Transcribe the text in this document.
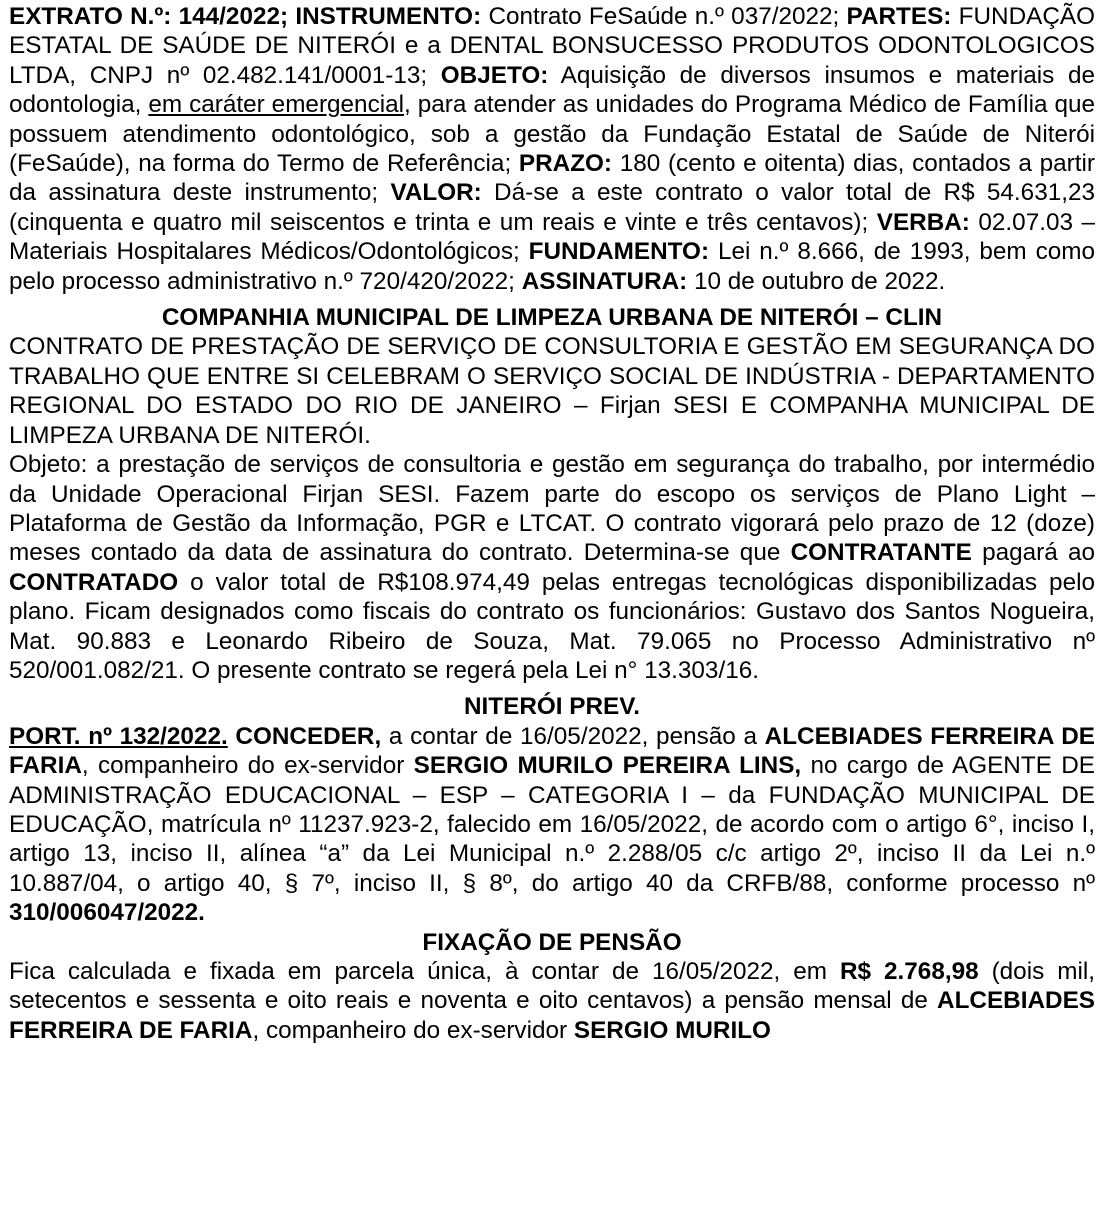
EXTRATO N.º: 144/2022; INSTRUMENTO: Contrato FeSaúde n.º 037/2022; PARTES: FUNDAÇÃO ESTATAL DE SAÚDE DE NITERÓI e a DENTAL BONSUCESSO PRODUTOS ODONTOLOGICOS LTDA, CNPJ nº 02.482.141/0001-13; OBJETO: Aquisição de diversos insumos e materiais de odontologia, em caráter emergencial, para atender as unidades do Programa Médico de Família que possuem atendimento odontológico, sob a gestão da Fundação Estatal de Saúde de Niterói (FeSaúde), na forma do Termo de Referência; PRAZO: 180 (cento e oitenta) dias, contados a partir da assinatura deste instrumento; VALOR: Dá-se a este contrato o valor total de R$ 54.631,23 (cinquenta e quatro mil seiscentos e trinta e um reais e vinte e três centavos); VERBA: 02.07.03 – Materiais Hospitalares Médicos/Odontológicos; FUNDAMENTO: Lei n.º 8.666, de 1993, bem como pelo processo administrativo n.º 720/420/2022; ASSINATURA: 10 de outubro de 2022.

COMPANHIA MUNICIPAL DE LIMPEZA URBANA DE NITERÓI – CLIN

CONTRATO DE PRESTAÇÃO DE SERVIÇO DE CONSULTORIA E GESTÃO EM SEGURANÇA DO TRABALHO QUE ENTRE SI CELEBRAM O SERVIÇO SOCIAL DE INDÚSTRIA - DEPARTAMENTO REGIONAL DO ESTADO DO RIO DE JANEIRO – Firjan SESI E COMPANHA MUNICIPAL DE LIMPEZA URBANA DE NITERÓI.

Objeto: a prestação de serviços de consultoria e gestão em segurança do trabalho, por intermédio da Unidade Operacional Firjan SESI. Fazem parte do escopo os serviços de Plano Light – Plataforma de Gestão da Informação, PGR e LTCAT. O contrato vigorará pelo prazo de 12 (doze) meses contado da data de assinatura do contrato. Determina-se que CONTRATANTE pagará ao CONTRATADO o valor total de R$108.974,49 pelas entregas tecnológicas disponibilizadas pelo plano. Ficam designados como fiscais do contrato os funcionários: Gustavo dos Santos Nogueira, Mat. 90.883 e Leonardo Ribeiro de Souza, Mat. 79.065 no Processo Administrativo nº 520/001.082/21. O presente contrato se regerá pela Lei n° 13.303/16.

NITERÓI PREV.

PORT. nº 132/2022. CONCEDER, a contar de 16/05/2022, pensão a ALCEBIADES FERREIRA DE FARIA, companheiro do ex-servidor SERGIO MURILO PEREIRA LINS, no cargo de AGENTE DE ADMINISTRAÇÃO EDUCACIONAL – ESP – CATEGORIA I – da FUNDAÇÃO MUNICIPAL DE EDUCAÇÃO, matrícula nº 11237.923-2, falecido em 16/05/2022, de acordo com o artigo 6°, inciso I, artigo 13, inciso II, alínea “a” da Lei Municipal n.º 2.288/05 c/c artigo 2º, inciso II da Lei n.º 10.887/04, o artigo 40, § 7º, inciso II, § 8º, do artigo 40 da CRFB/88, conforme processo nº 310/006047/2022.

FIXAÇÃO DE PENSÃO

Fica calculada e fixada em parcela única, à contar de 16/05/2022, em R$ 2.768,98 (dois mil, setecentos e sessenta e oito reais e noventa e oito centavos) a pensão mensal de ALCEBIADES FERREIRA DE FARIA, companheiro do ex-servidor SERGIO MURILO
